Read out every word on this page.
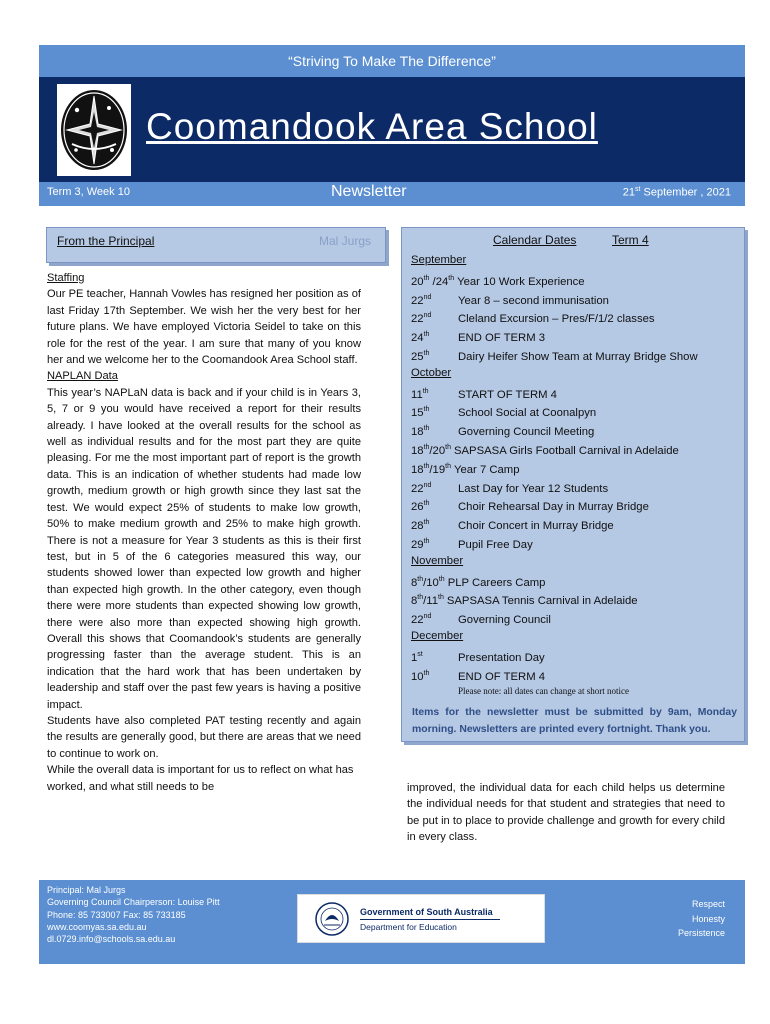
“Striving To Make The Difference”
Coomandook Area School
Term 3, Week 10	Newsletter	21st September , 2021
From the Principal	Mal Jurgs

Staffing

Our PE teacher, Hannah Vowles has resigned her position as of last Friday 17th September. We wish her the very best for her future plans. We have employed Victoria Seidel to take on this role for the rest of the year. I am sure that many of you know her and we welcome her to the Coomandook Area School staff.

NAPLAN Data

This year’s NAPLaN data is back and if your child is in Years 3, 5, 7 or 9 you would have received a report for their results already. I have looked at the overall results for the school as well as individual results and for the most part they are quite pleasing. For me the most important part of report is the growth data. This is an indication of whether students had made low growth, medium growth or high growth since they last sat the test. We would expect 25% of students to make low growth, 50% to make medium growth and 25% to make high growth. There is not a measure for Year 3 students as this is their first test, but in 5 of the 6 categories measured this way, our students showed lower than expected low growth and higher than expected high growth. In the other category, even though there were more students than expected showing low growth, there were also more than expected showing high growth. Overall this shows that Coomandook’s students are generally progressing faster than the average student. This is an indication that the hard work that has been undertaken by leadership and staff over the past few years is having a positive impact.

Students have also completed PAT testing recently and again the results are generally good, but there are areas that we need to continue to work on.

While the overall data is important for us to reflect on what has worked, and what still needs to be

Calendar Dates	Term 4
September
20th /24th Year 10 Work Experience
22nd Year 8 – second immunisation
22nd Cleland Excursion – Pres/F/1/2 classes
24th	END OF TERM 3
25th	Dairy Heifer Show Team at Murray Bridge Show
October
11th	START OF TERM 4
15th	School Social at Coonalpyn
18th	Governing Council Meeting
18th/20th SAPSASA Girls Football Carnival in Adelaide
18th/19th Year 7 Camp
22nd Last Day for Year 12 Students
26th	Choir Rehearsal Day in Murray Bridge
28th	Choir Concert in Murray Bridge
29th	Pupil Free Day
November
8th/10th PLP Careers Camp
8th/11th SAPSASA Tennis Carnival in Adelaide
22nd Governing Council
December
1st	Presentation Day
10th	END OF TERM 4
Please note: all dates can change at short notice
Items for the newsletter must be submitted by 9am, Monday morning. Newsletters are printed every fortnight. Thank you.
improved, the individual data for each child helps us determine the individual needs for that student and strategies that need to be put in to place to provide challenge and growth for every child in every class.
Principal: Mal Jurgs
Governing Council Chairperson: Louise Pitt
Phone: 85 733007 Fax: 85 733185
www.coomyas.sa.edu.au
dl.0729.info@schools.sa.edu.au
Government of South Australia
Department for Education
Respect
Honesty
Persistence
